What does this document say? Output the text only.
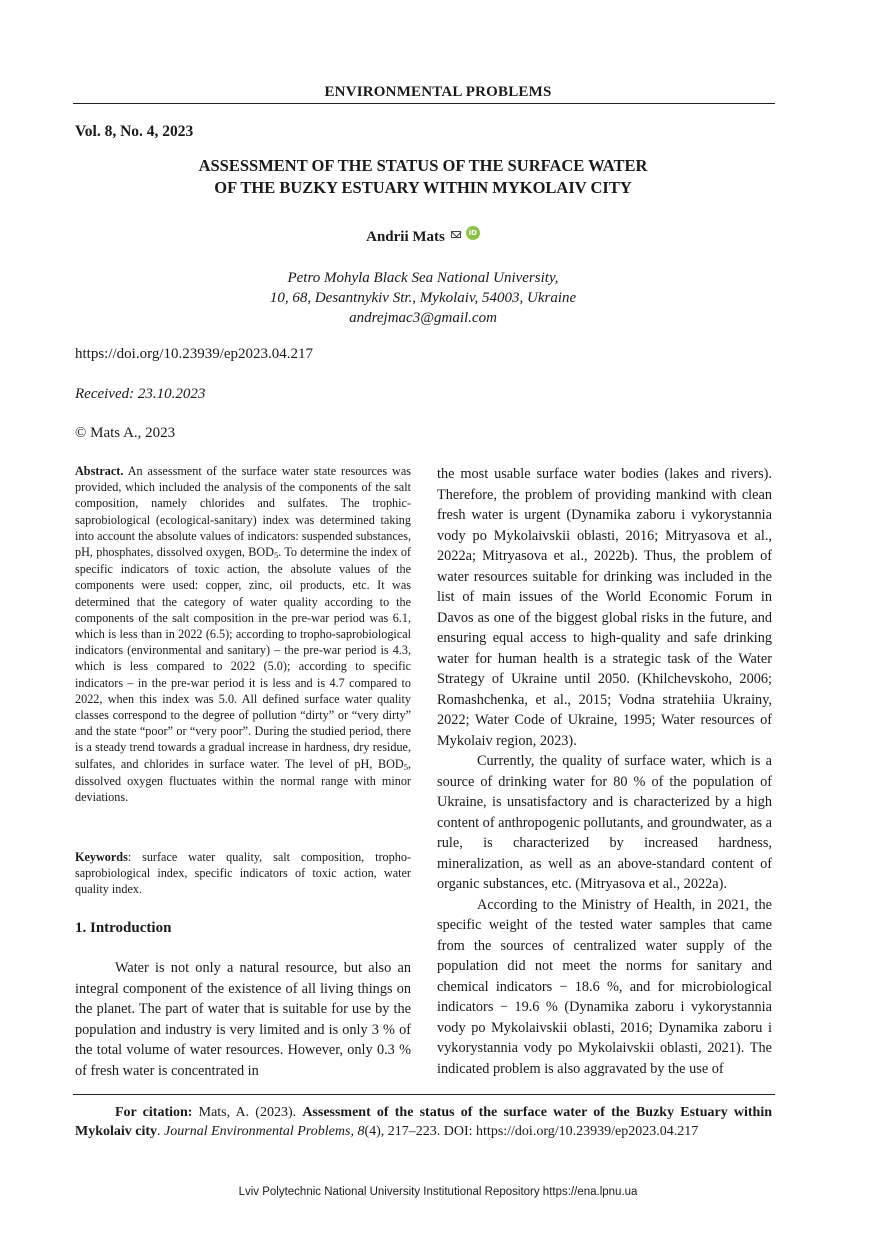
ENVIRONMENTAL PROBLEMS
Vol. 8, No. 4, 2023
ASSESSMENT OF THE STATUS OF THE SURFACE WATER
OF THE BUZKY ESTUARY WITHIN MYKOLAIV CITY
Andrii Mats	iD
Petro Mohyla Black Sea National University,
10, 68, Desantnykiv Str., Mykolaiv, 54003, Ukraine
andrejmac3@gmail.com
https://doi.org/10.23939/ep2023.04.217
Received: 23.10.2023
© Mats A., 2023
Abstract. An assessment of the surface water state resources was provided, which included the analysis of the components of the salt composition, namely chlorides and sulfates. The trophic-saprobiological (ecological-sanitary) index was determined taking into account the absolute values of indicators: suspended substances, pH, phosphates, dissolved oxygen, $BOD_5$. To determine the index of specific indicators of toxic action, the absolute values of the components were used: copper, zinc, oil products, etc. It was determined that the category of water quality according to the components of the salt composition in the pre-war period was 6.1, which is less than in 2022 (6.5); according to tropho-saprobiological indicators (environmental and sanitary) – the pre-war period is 4.3, which is less compared to 2022 (5.0); according to specific indicators – in the pre-war period it is less and is 4.7 compared to 2022, when this index was 5.0. All defined surface water quality classes correspond to the degree of pollution “dirty” or “very dirty” and the state “poor” or “very poor”. During the studied period, there is a steady trend towards a gradual increase in hardness, dry residue, sulfates, and chlorides in surface water. The level of pH, $BOD_5$, dissolved oxygen fluctuates within the normal range with minor deviations.
Keywords: surface water quality, salt composition, tropho-saprobiological index, specific indicators of toxic action, water quality index.
1. Introduction

Water is not only a natural resource, but also an integral component of the existence of all living things on the planet. The part of water that is suitable for use by the population and industry is very limited and is only 3 % of the total volume of water resources. However, only 0.3 % of fresh water is concentrated in

the most usable surface water bodies (lakes and rivers). Therefore, the problem of providing mankind with clean fresh water is urgent (Dynamika zaboru i vykorystannia vody po Mykolaivskii oblasti, 2016; Mitryasova et al., 2022a; Mitryasova et al., 2022b). Thus, the problem of water resources suitable for drinking was included in the list of main issues of the World Economic Forum in Davos as one of the biggest global risks in the future, and ensuring equal access to high-quality and safe drinking water for human health is a strategic task of the Water Strategy of Ukraine until 2050. (Khilchevskoho, 2006; Romashchenka, et al., 2015; Vodna stratehiia Ukrainy, 2022; Water Code of Ukraine, 1995; Water resources of Mykolaiv region, 2023).

Currently, the quality of surface water, which is a source of drinking water for 80 % of the population of Ukraine, is unsatisfactory and is characterized by a high content of anthropogenic pollutants, and groundwater, as a rule, is characterized by increased hardness, mineralization, as well as an above-standard content of organic substances, etc. (Mitryasova et al., 2022a).

According to the Ministry of Health, in 2021, the specific weight of the tested water samples that came from the sources of centralized water supply of the population did not meet the norms for sanitary and chemical indicators − 18.6 %, and for microbiological indicators − 19.6 % (Dynamika zaboru i vykorystannia vody po Mykolaivskii oblasti, 2016; Dynamika zaboru i vykorystannia vody po Mykolaivskii oblasti, 2021). The indicated problem is also aggravated by the use of

For citation: Mats, A. (2023). Assessment of the status of the surface water of the Buzky Estuary within Mykolaiv city. Journal Environmental Problems, 8(4), 217–223. DOI: https://doi.org/10.23939/ep2023.04.217
Lviv Polytechnic National University Institutional Repository https://ena.lpnu.ua
